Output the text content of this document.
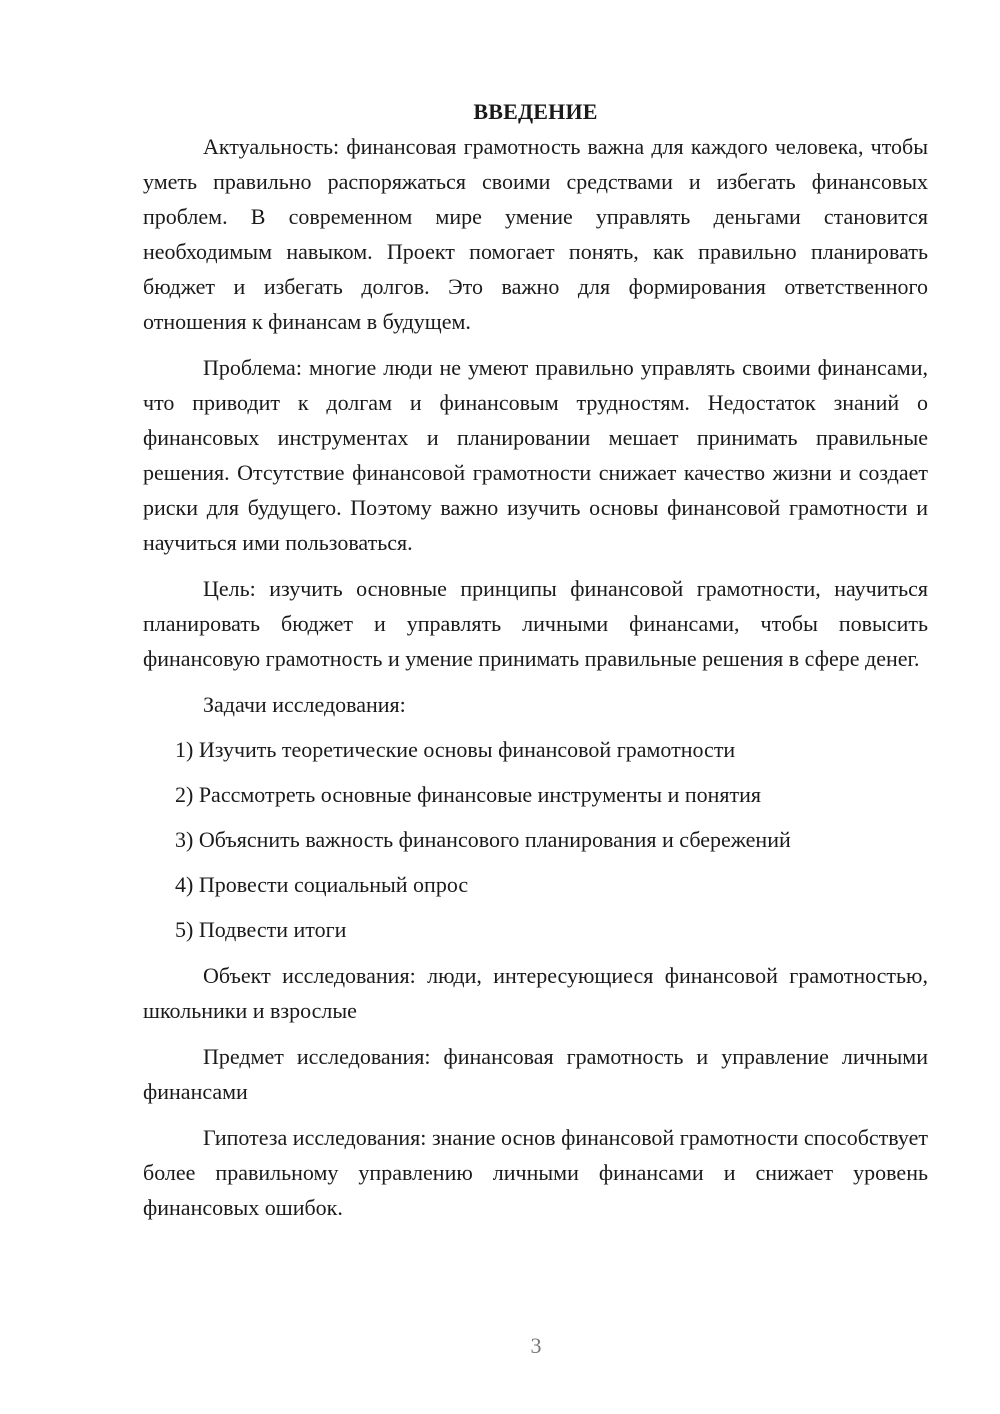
ВВЕДЕНИЕ

Актуальность: финансовая грамотность важна для каждого человека, чтобы уметь правильно распоряжаться своими средствами и избегать финансовых проблем. В современном мире умение управлять деньгами становится необходимым навыком. Проект помогает понять, как правильно планировать бюджет и избегать долгов. Это важно для формирования ответственного отношения к финансам в будущем.

Проблема: многие люди не умеют правильно управлять своими финансами, что приводит к долгам и финансовым трудностям. Недостаток знаний о финансовых инструментах и планировании мешает принимать правильные решения. Отсутствие финансовой грамотности снижает качество жизни и создает риски для будущего. Поэтому важно изучить основы финансовой грамотности и научиться ими пользоваться.

Цель: изучить основные принципы финансовой грамотности, научиться планировать бюджет и управлять личными финансами, чтобы повысить финансовую грамотность и умение принимать правильные решения в сфере денег.

Задачи исследования:

1) Изучить теоретические основы финансовой грамотности
2) Рассмотреть основные финансовые инструменты и понятия
3) Объяснить важность финансового планирования и сбережений
4) Провести социальный опрос
5) Подвести итоги

Объект исследования: люди, интересующиеся финансовой грамотностью, школьники и взрослые

Предмет исследования: финансовая грамотность и управление личными финансами

Гипотеза исследования: знание основ финансовой грамотности способствует более правильному управлению личными финансами и снижает уровень финансовых ошибок.

3
